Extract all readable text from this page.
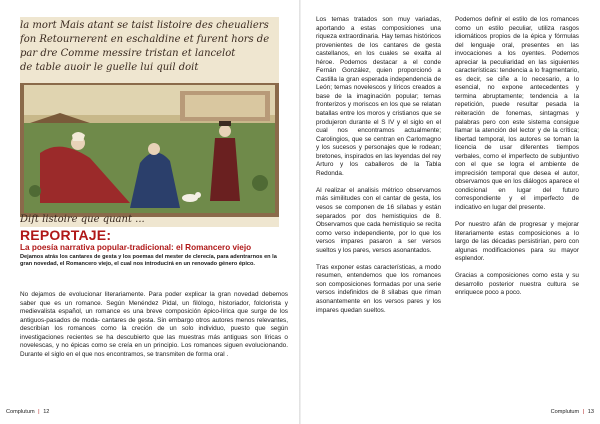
la mort Mais atant se taist listoire des cheualiers
fon Retournerent en eschaldine et furent hors de
par dre Comme messire tristan et lancelot
de table auoir le guelle lui quil doit
Dift listoire que quant ...
REPORTAJE:
La poesía narrativa popular-tradicional: el Romancero viejo
Dejamos atrás los cantares de gesta y los poemas del mester de clerecía, para adentrarnos en la gran novedad, el Romancero viejo, el cual nos introducirá en un renovado género épico.

No dejamos de evolucionar literariamente. Para poder explicar la gran novedad debemos saber que es un romance. Según Menéndez Pidal, un filólogo, historiador, folclorista y medievalista español, un romance es una breve composición épico-lírica que surge de los antiguos-pasados de moda- cantares de gesta. Sin embargo otros autores menos relevantes, describían los romances como la creción de un solo individuo, puesto que según investigaciones recientes se ha descubierto que las muestras más antiguas son líricas o novelescas, y no épicas como se creía en un principio. Los romances siguen evolucionando. Durante el siglo en el que nos encontramos, se transmiten de forma oral .

Los temas tratados son muy variadas, aportando a estas composiciones una riqueza extraordinaria. Hay temas históricos provenientes de los cantares de gesta castellanos, en los cuales se exalta al héroe. Podemos destacar a el conde Fernán González, quien proporcionó a Castilla la gran esperada independencia de León; temas novelescos y líricos creados a base de la imaginación popular; temas fronterizos y moriscos en los que se relatan batallas entre los moros y cristianos que se produjeron durante el S IV y el siglo en el cual nos encontramos actualmente; Carolingios, que se centran en Carlomagno y los sucesos y personajes que le rodean; bretones, inspirados en las leyendas del rey Arturo y los caballeros de la Tabla Redonda.

Al realizar el analisis métrico observamos más similitudes con el cantar de gesta, los vesos se componen de 16 sílabas y están separados por dos hemistiquios de 8. Observamos que cada hemistiquio se recita como verso independiente, por lo que los versos impares pasaron a ser versos sueltos y los pares, versos asonantados.

Tras exponer estas características, a modo resumen, entendemos que los romances son composiciones formadas por una serie versos indefinidos de 8 sílabas que riman asonantemente en los versos pares y los impares quedan sueltos.

Podemos definir el estilo de los romances como un estilo peculiar, utiliza rasgos idiomáticos propios de la épica y fórmulas del lenguaje oral, presentes en las invocaciones a los oyentes. Podemos apreciar la peculiaridad en las siguientes características: tendencia a lo fragmentario, es decir, se ciñe a lo necesario, a lo esencial, no expone antecedentes y termina abruptamente; tendencia a la repetición, puede resultar pesada la reiteración de fonemas, sintagmas y palabras pero con este sistema consigue llamar la atención del lector y de la crítica; libertad temporal, los autores se toman la licencia de usar diferentes tiempos verbales, como el imperfecto de subjuntivo con el que se logra el ambiente de imprecisión temporal que desea el autor, observamos que en los diálogos aparece el condicional en lugar del futuro correspondiente y el imperfecto de indicativo en lugar del presente.

Por nuestro afán de progresar y mejorar literariamente estas composiciones a lo largo de las décadas persistirían, pero con algunas modificaciones para su mayor esplendor.

Gracias a composiciones como esta y su desarrollo posterior nuestra cultura se enriquece poco a poco.

Complutum | 12	Complutum | 13
